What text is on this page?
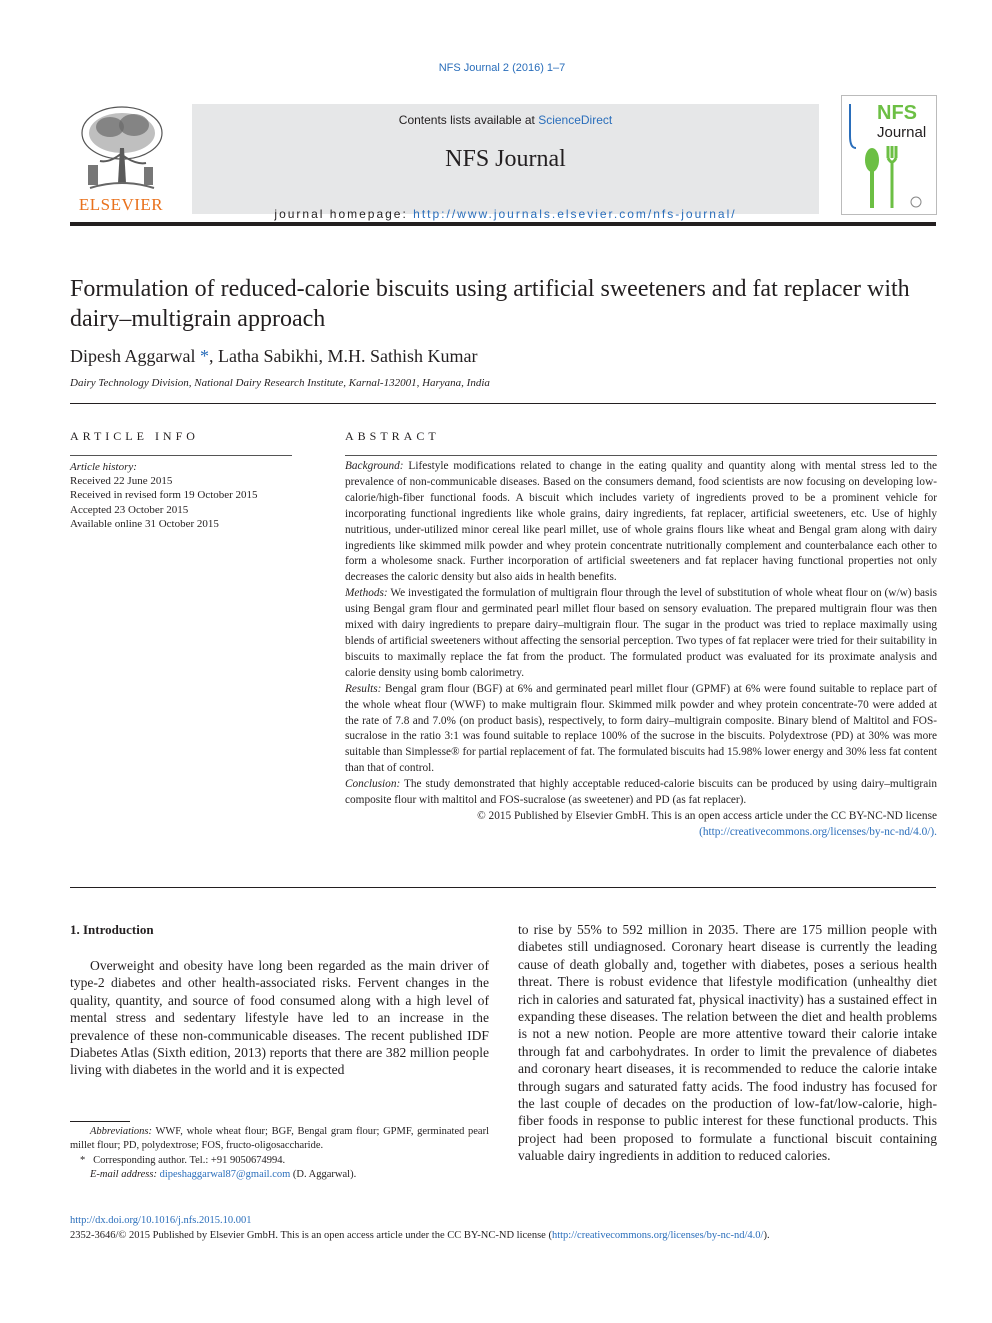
NFS Journal 2 (2016) 1–7
ELSEVIER
Contents lists available at ScienceDirect
NFS Journal
journal homepage: http://www.journals.elsevier.com/nfs-journal/
NFS
Journal
Formulation of reduced-calorie biscuits using artificial sweeteners and fat replacer with dairy–multigrain approach
Dipesh Aggarwal *, Latha Sabikhi, M.H. Sathish Kumar
Dairy Technology Division, National Dairy Research Institute, Karnal-132001, Haryana, India
ARTICLE INFO
Article history:
Received 22 June 2015
Received in revised form 19 October 2015
Accepted 23 October 2015
Available online 31 October 2015
ABSTRACT

Background: Lifestyle modifications related to change in the eating quality and quantity along with mental stress led to the prevalence of non-communicable diseases. Based on the consumers demand, food scientists are now focusing on developing low-calorie/high-fiber functional foods. A biscuit which includes variety of ingredients proved to be a prominent vehicle for incorporating functional ingredients like whole grains, dairy ingredients, fat replacer, artificial sweeteners, etc. Use of highly nutritious, under-utilized minor cereal like pearl millet, use of whole grains flours like wheat and Bengal gram along with dairy ingredients like skimmed milk powder and whey protein concentrate nutritionally complement and counterbalance each other to form a wholesome snack. Further incorporation of artificial sweeteners and fat replacer having functional properties not only decreases the caloric density but also aids in health benefits.

Methods: We investigated the formulation of multigrain flour through the level of substitution of whole wheat flour on (w/w) basis using Bengal gram flour and germinated pearl millet flour based on sensory evaluation. The prepared multigrain flour was then mixed with dairy ingredients to prepare dairy–multigrain flour. The sugar in the product was tried to replace maximally using blends of artificial sweeteners without affecting the sensorial perception. Two types of fat replacer were tried for their suitability in biscuits to maximally replace the fat from the product. The formulated product was evaluated for its proximate analysis and calorie density using bomb calorimetry.

Results: Bengal gram flour (BGF) at 6% and germinated pearl millet flour (GPMF) at 6% were found suitable to replace part of the whole wheat flour (WWF) to make multigrain flour. Skimmed milk powder and whey protein concentrate-70 were added at the rate of 7.8 and 7.0% (on product basis), respectively, to form dairy–multigrain composite. Binary blend of Maltitol and FOS-sucralose in the ratio 3:1 was found suitable to replace 100% of the sucrose in the biscuits. Polydextrose (PD) at 30% was more suitable than Simplesse® for partial replacement of fat. The formulated biscuits had 15.98% lower energy and 30% less fat content than that of control.

Conclusion: The study demonstrated that highly acceptable reduced-calorie biscuits can be produced by using dairy–multigrain composite flour with maltitol and FOS-sucralose (as sweetener) and PD (as fat replacer).

© 2015 Published by Elsevier GmbH. This is an open access article under the CC BY-NC-ND license
(http://creativecommons.org/licenses/by-nc-nd/4.0/).

1. Introduction

Overweight and obesity have long been regarded as the main driver of type-2 diabetes and other health-associated risks. Fervent changes in the quality, quantity, and source of food consumed along with a high level of mental stress and sedentary lifestyle have led to an increase in the prevalence of these non-communicable diseases. The recent published IDF Diabetes Atlas (Sixth edition, 2013) reports that there are 382 million people living with diabetes in the world and it is expected

to rise by 55% to 592 million in 2035. There are 175 million people with diabetes still undiagnosed. Coronary heart disease is currently the leading cause of death globally and, together with diabetes, poses a serious health threat. There is robust evidence that lifestyle modification (unhealthy diet rich in calories and saturated fat, physical inactivity) has a sustained effect in expanding these diseases. The relation between the diet and health problems is not a new notion. People are more attentive toward their calorie intake through fat and carbohydrates. In order to limit the prevalence of diabetes and coronary heart diseases, it is recommended to reduce the calorie intake through sugars and saturated fatty acids. The food industry has focused for the last couple of decades on the production of low-fat/low-calorie, high-fiber foods in response to public interest for these functional products. This project had been proposed to formulate a functional biscuit containing valuable dairy ingredients in addition to reduced calories.

Abbreviations: WWF, whole wheat flour; BGF, Bengal gram flour; GPMF, germinated pearl millet flour; PD, polydextrose; FOS, fructo-oligosaccharide.
* Corresponding author. Tel.: +91 9050674994.
E-mail address: dipeshaggarwal87@gmail.com (D. Aggarwal).
http://dx.doi.org/10.1016/j.nfs.2015.10.001
2352-3646/© 2015 Published by Elsevier GmbH. This is an open access article under the CC BY-NC-ND license (http://creativecommons.org/licenses/by-nc-nd/4.0/).
